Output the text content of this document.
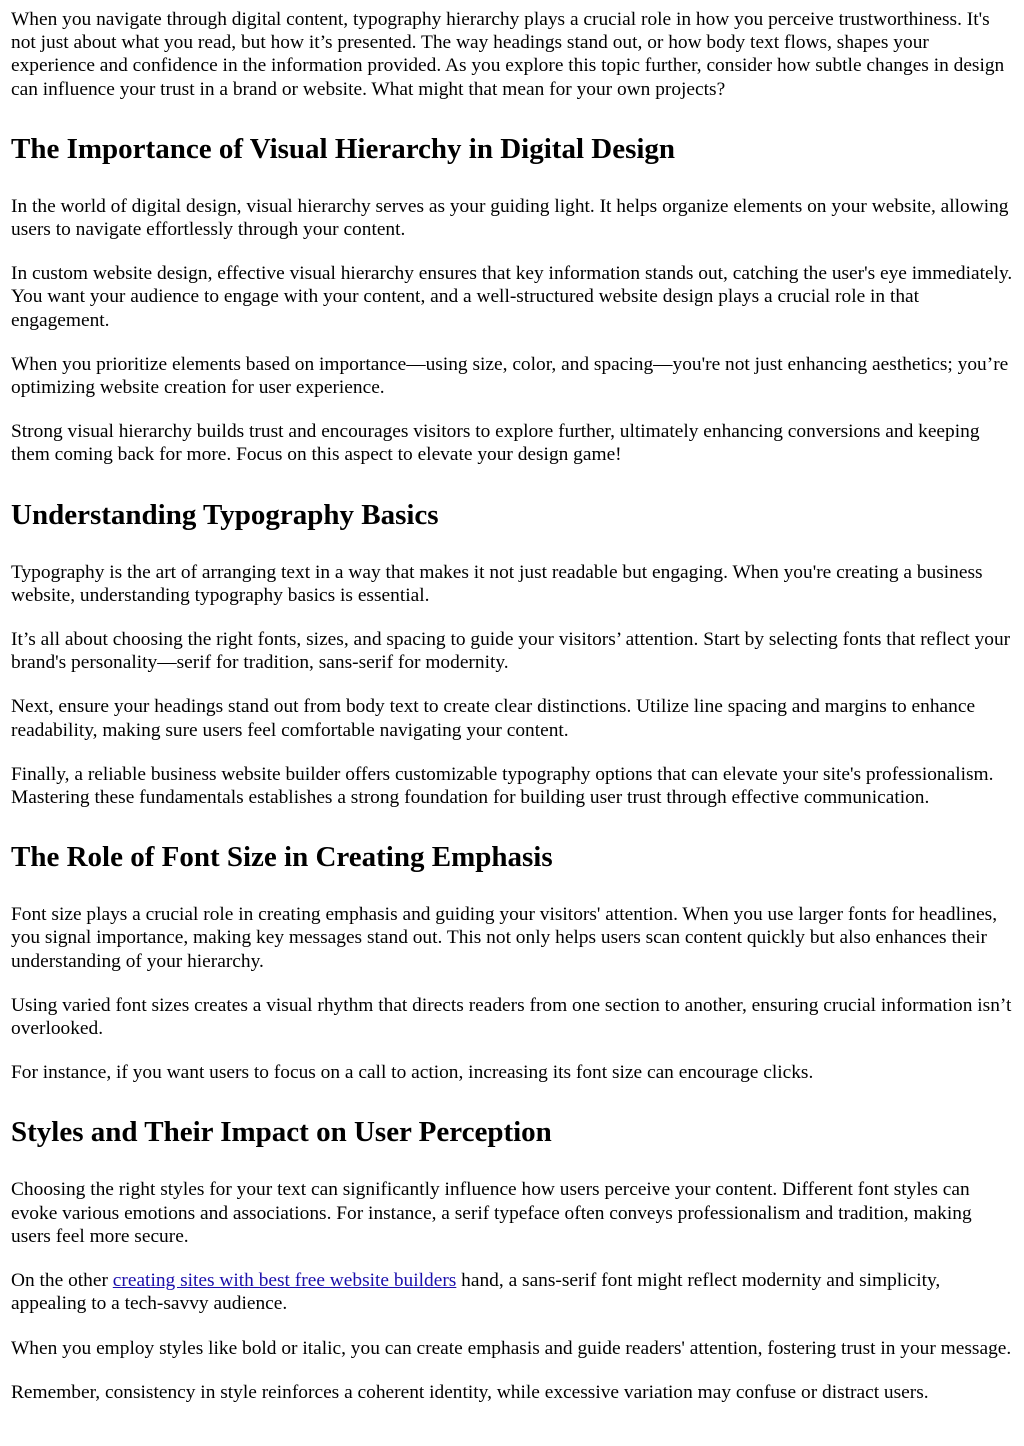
When you navigate through digital content, typography hierarchy plays a crucial role in how you perceive trustworthiness. It's not just about what you read, but how it’s presented. The way headings stand out, or how body text flows, shapes your experience and confidence in the information provided. As you explore this topic further, consider how subtle changes in design can influence your trust in a brand or website. What might that mean for your own projects?

The Importance of Visual Hierarchy in Digital Design

In the world of digital design, visual hierarchy serves as your guiding light. It helps organize elements on your website, allowing users to navigate effortlessly through your content.

In custom website design, effective visual hierarchy ensures that key information stands out, catching the user's eye immediately. You want your audience to engage with your content, and a well-structured website design plays a crucial role in that engagement.

When you prioritize elements based on importance—using size, color, and spacing—you're not just enhancing aesthetics; you’re optimizing website creation for user experience.

Strong visual hierarchy builds trust and encourages visitors to explore further, ultimately enhancing conversions and keeping them coming back for more. Focus on this aspect to elevate your design game!

Understanding Typography Basics

Typography is the art of arranging text in a way that makes it not just readable but engaging. When you're creating a business website, understanding typography basics is essential.

It’s all about choosing the right fonts, sizes, and spacing to guide your visitors’ attention. Start by selecting fonts that reflect your brand's personality—serif for tradition, sans-serif for modernity.

Next, ensure your headings stand out from body text to create clear distinctions. Utilize line spacing and margins to enhance readability, making sure users feel comfortable navigating your content.

Finally, a reliable business website builder offers customizable typography options that can elevate your site's professionalism. Mastering these fundamentals establishes a strong foundation for building user trust through effective communication.

The Role of Font Size in Creating Emphasis

Font size plays a crucial role in creating emphasis and guiding your visitors' attention. When you use larger fonts for headlines, you signal importance, making key messages stand out. This not only helps users scan content quickly but also enhances their understanding of your hierarchy.

Using varied font sizes creates a visual rhythm that directs readers from one section to another, ensuring crucial information isn’t overlooked.

For instance, if you want users to focus on a call to action, increasing its font size can encourage clicks.

Styles and Their Impact on User Perception

Choosing the right styles for your text can significantly influence how users perceive your content. Different font styles can evoke various emotions and associations. For instance, a serif typeface often conveys professionalism and tradition, making users feel more secure.

On the other creating sites with best free website builders hand, a sans-serif font might reflect modernity and simplicity, appealing to a tech-savvy audience.

When you employ styles like bold or italic, you can create emphasis and guide readers' attention, fostering trust in your message.

Remember, consistency in style reinforces a coherent identity, while excessive variation may confuse or distract users.
